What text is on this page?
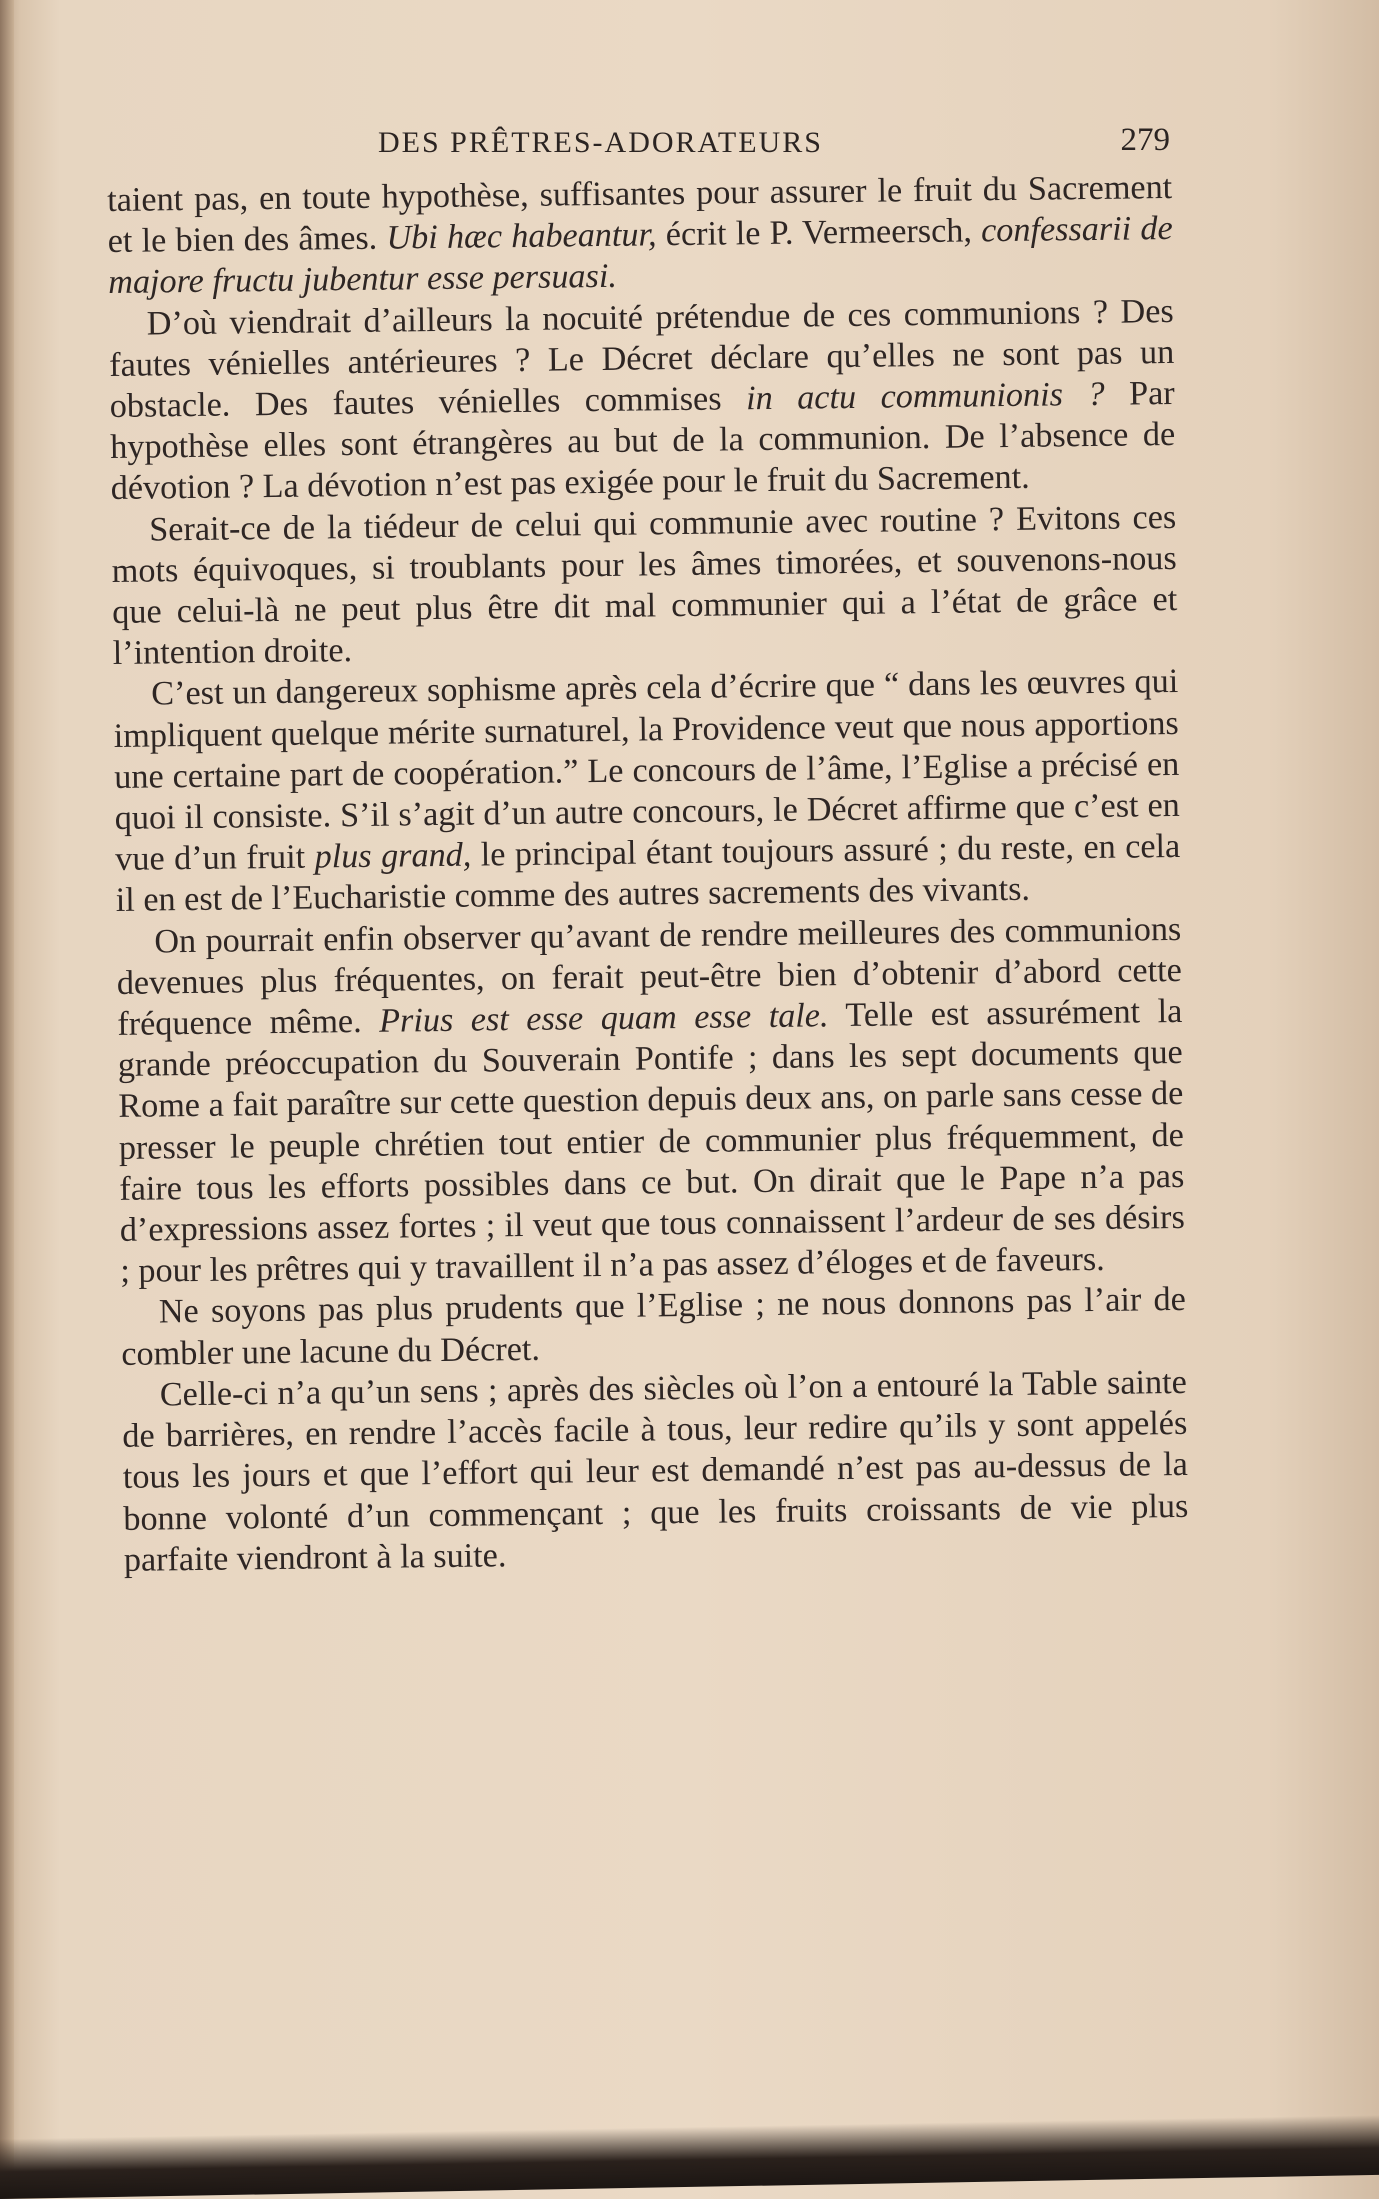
DES PRÊTRES-ADORATEURS	279

taient pas, en toute hypothèse, suffisantes pour assurer le fruit du Sacrement et le bien des âmes. Ubi hæc habeantur, écrit le P. Vermeersch, confessarii de majore fructu jubentur esse persuasi.

D’où viendrait d’ailleurs la nocuité prétendue de ces communions ? Des fautes vénielles antérieures ? Le Décret déclare qu’elles ne sont pas un obstacle. Des fautes vénielles commises in actu communionis ? Par hypothèse elles sont étrangères au but de la communion. De l’absence de dévotion ? La dévotion n’est pas exigée pour le fruit du Sacrement.

Serait-ce de la tiédeur de celui qui communie avec routine ? Evitons ces mots équivoques, si troublants pour les âmes timorées, et souvenons-nous que celui-là ne peut plus être dit mal communier qui a l’état de grâce et l’intention droite.

C’est un dangereux sophisme après cela d’écrire que “ dans les œuvres qui impliquent quelque mérite surnaturel, la Providence veut que nous apportions une certaine part de coopération.” Le concours de l’âme, l’Eglise a précisé en quoi il consiste. S’il s’agit d’un autre concours, le Décret affirme que c’est en vue d’un fruit plus grand, le principal étant toujours assuré ; du reste, en cela il en est de l’Eucharistie comme des autres sacrements des vivants.

On pourrait enfin observer qu’avant de rendre meilleures des communions devenues plus fréquentes, on ferait peut-être bien d’obtenir d’abord cette fréquence même. Prius est esse quam esse tale. Telle est assurément la grande préoccupation du Souverain Pontife ; dans les sept documents que Rome a fait paraître sur cette question depuis deux ans, on parle sans cesse de presser le peuple chrétien tout entier de communier plus fréquemment, de faire tous les efforts possibles dans ce but. On dirait que le Pape n’a pas d’expressions assez fortes ; il veut que tous connaissent l’ardeur de ses désirs ; pour les prêtres qui y travaillent il n’a pas assez d’éloges et de faveurs.

Ne soyons pas plus prudents que l’Eglise ; ne nous donnons pas l’air de combler une lacune du Décret.

Celle-ci n’a qu’un sens ; après des siècles où l’on a entouré la Table sainte de barrières, en rendre l’accès facile à tous, leur redire qu’ils y sont appelés tous les jours et que l’effort qui leur est demandé n’est pas au-dessus de la bonne volonté d’un commençant ; que les fruits croissants de vie plus parfaite viendront à la suite.
